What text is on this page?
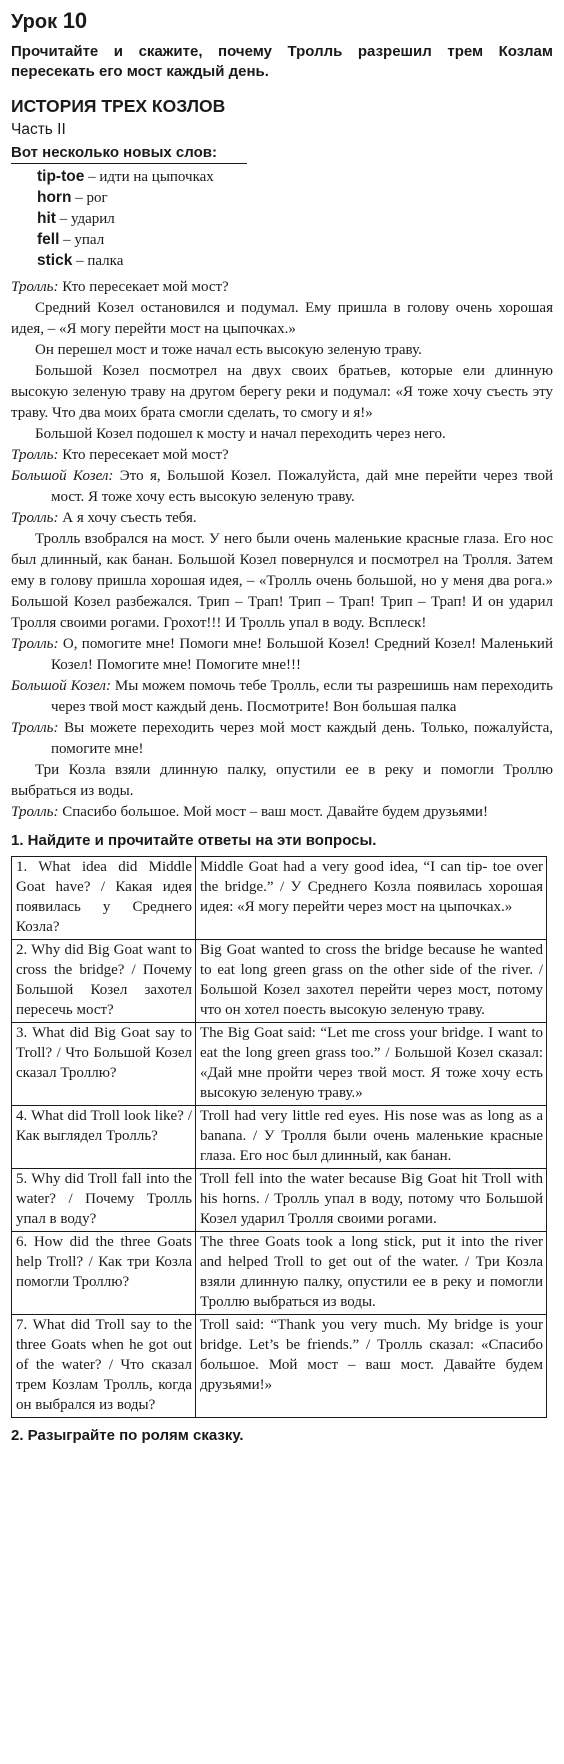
Урок 10
Прочитайте и скажите, почему Тролль разрешил трем Козлам пересекать его мост каждый день.
ИСТОРИЯ ТРЕХ КОЗЛОВ
Часть II
Вот несколько новых слов:
tip-toe – идти на цыпочках
horn – рог
hit – ударил
fell – упал
stick – палка
Тролль: Кто пересекает мой мост?
Средний Козел остановился и подумал. Ему пришла в голову очень хорошая идея, – «Я могу перейти мост на цыпочках.»
Он перешел мост и тоже начал есть высокую зеленую траву.
Большой Козел посмотрел на двух своих братьев, которые ели длинную высокую зеленую траву на другом берегу реки и подумал: «Я тоже хочу съесть эту траву. Что два моих брата смогли сделать, то смогу и я!»
Большой Козел подошел к мосту и начал переходить через него.
Тролль: Кто пересекает мой мост?
Большой Козел: Это я, Большой Козел. Пожалуйста, дай мне перейти через твой мост. Я тоже хочу есть высокую зеленую траву.
Тролль: А я хочу съесть тебя.
Тролль взобрался на мост. У него были очень маленькие красные глаза. Его нос был длинный, как банан. Большой Козел повернулся и посмотрел на Тролля. Затем ему в голову пришла хорошая идея, – «Тролль очень большой, но у меня два рога.» Большой Козел разбежался. Трип – Трап! Трип – Трап! Трип – Трап! И он ударил Тролля своими рогами. Грохот!!! И Тролль упал в воду. Всплеск!
Тролль: О, помогите мне! Помоги мне! Большой Козел! Средний Козел! Маленький Козел! Помогите мне! Помогите мне!!!
Большой Козел: Мы можем помочь тебе Тролль, если ты разрешишь нам переходить через твой мост каждый день. Посмотрите! Вон большая палка
Тролль: Вы можете переходить через мой мост каждый день. Только, пожалуйста, помогите мне!
Три Козла взяли длинную палку, опустили ее в реку и помогли Троллю выбраться из воды.
Тролль: Спасибо большое. Мой мост – ваш мост. Давайте будем друзьями!
1. Найдите и прочитайте ответы на эти вопросы.
1. What idea did Middle Goat have? / Какая идея появилась у Среднего Козла?	Middle Goat had a very good idea, “I can tip- toe over the bridge.” / У Среднего Козла появилась хорошая идея: «Я могу перейти через мост на цыпочках.»
2. Why did Big Goat want to cross the bridge? / Почему Большой Козел захотел пересечь мост?	Big Goat wanted to cross the bridge because he wanted to eat long green grass on the other side of the river. / Большой Козел захотел перейти через мост, потому что он хотел поесть высокую зеленую траву.
3. What did Big Goat say to Troll? / Что Большой Козел сказал Троллю?	The Big Goat said: “Let me cross your bridge. I want to eat the long green grass too.” / Большой Козел сказал: «Дай мне пройти через твой мост. Я тоже хочу есть высокую зеленую траву.»
4. What did Troll look like? / Как выглядел Тролль?	Troll had very little red eyes. His nose was as long as a banana. / У Тролля были очень маленькие красные глаза. Его нос был длинный, как банан.
5. Why did Troll fall into the water? / Почему Тролль упал в воду?	Troll fell into the water because Big Goat hit Troll with his horns. / Тролль упал в воду, потому что Большой Козел ударил Тролля своими рогами.
6. How did the three Goats help Troll? / Как три Козла помогли Троллю?	The three Goats took a long stick, put it into the river and helped Troll to get out of the water. / Три Козла взяли длинную палку, опустили ее в реку и помогли Троллю выбраться из воды.
7. What did Troll say to the three Goats when he got out of the water? / Что сказал трем Козлам Тролль, когда он выбрался из воды?	Troll said: “Thank you very much. My bridge is your bridge. Let’s be friends.” / Тролль сказал: «Спасибо большое. Мой мост – ваш мост. Давайте будем друзьями!»
2. Разыгрaйте по ролям сказку.
